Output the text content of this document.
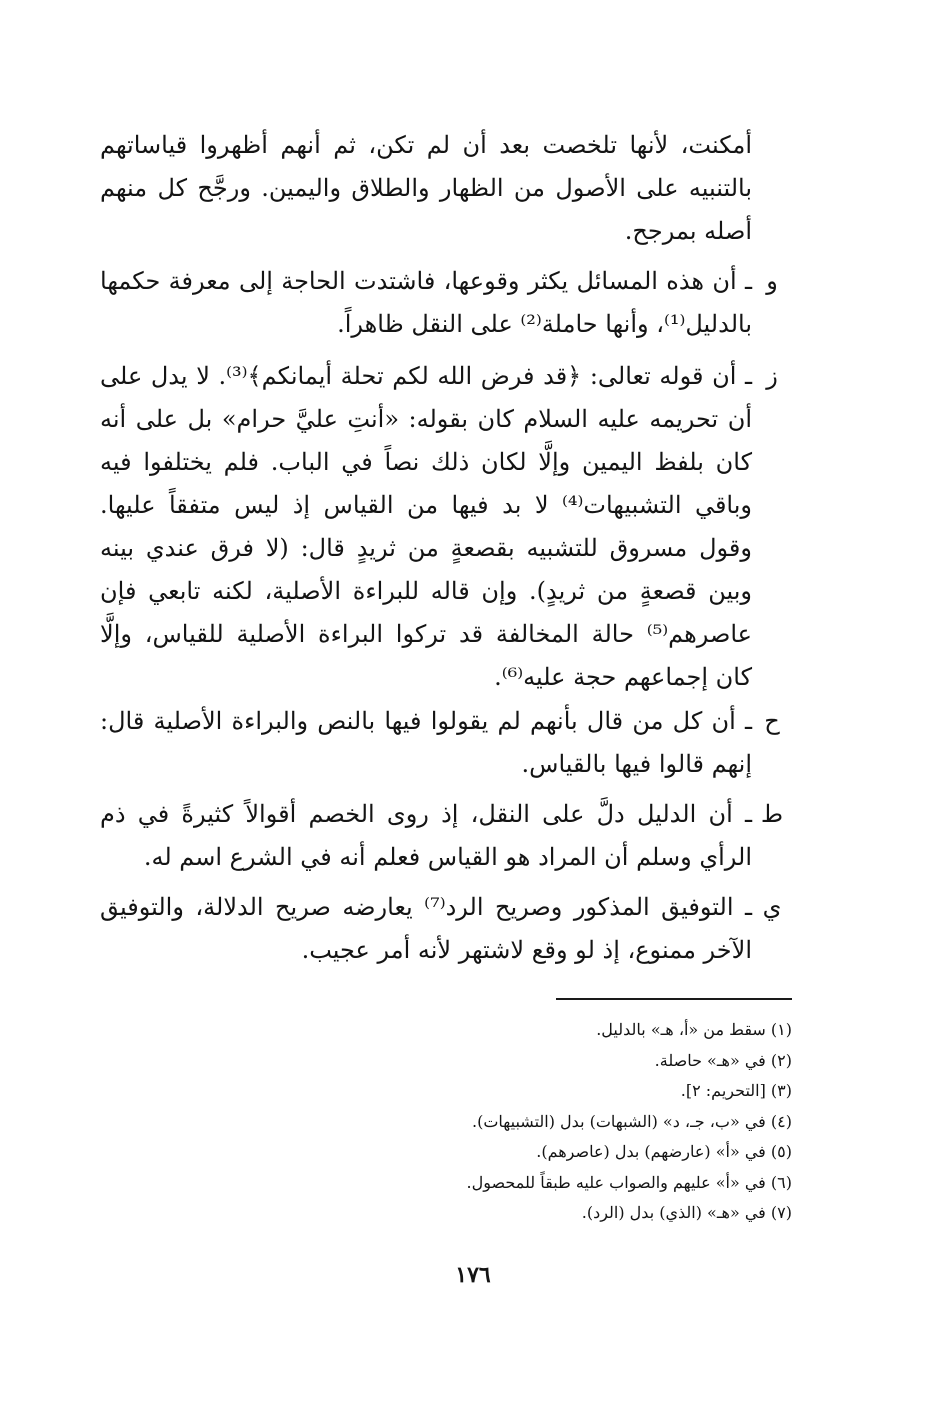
أمكنت، لأنها تلخصت بعد أن لم تكن، ثم أنهم أظهروا قياساتهم بالتنبيه على الأصول من الظهار والطلاق واليمين. ورجَّح كل منهم أصله بمرجح.
و
ـ أن هذه المسائل يكثر وقوعها، فاشتدت الحاجة إلى معرفة حكمها بالدليل⁽¹⁾، وأنها حاملة⁽²⁾ على النقل ظاهراً.
ز
ـ أن قوله تعالى: ﴿قد فرض الله لكم تحلة أيمانكم﴾⁽³⁾. لا يدل على أن تحريمه عليه السلام كان بقوله: «أنتِ عليَّ حرام» بل على أنه كان بلفظ اليمين وإلَّا لكان ذلك نصاً في الباب. فلم يختلفوا فيه وباقي التشبيهات⁽⁴⁾ لا بد فيها من القياس إذ ليس متفقاً عليها. وقول مسروق للتشبيه بقصعةٍ من ثريدٍ قال: (لا فرق عندي بينه وبين قصعةٍ من ثريدٍ). وإن قاله للبراءة الأصلية، لكنه تابعي فإن عاصرهم⁽⁵⁾ حالة المخالفة قد تركوا البراءة الأصلية للقياس، وإلَّا كان إجماعهم حجة عليه⁽⁶⁾.
ح
ـ أن كل من قال بأنهم لم يقولوا فيها بالنص والبراءة الأصلية قال: إنهم قالوا فيها بالقياس.
ط
ـ أن الدليل دلَّ على النقل، إذ روى الخصم أقوالاً كثيرةً في ذم الرأي وسلم أن المراد هو القياس فعلم أنه في الشرع اسم له.
ي
ـ التوفيق المذكور وصريح الرد⁽⁷⁾ يعارضه صريح الدلالة، والتوفيق الآخر ممنوع، إذ لو وقع لاشتهر لأنه أمر عجيب.
(١) سقط من «أ، هـ» بالدليل.
(٢) في «هـ» حاصلة.
(٣) [التحريم: ٢].
(٤) في «ب، جـ، د» (الشبهات) بدل (التشبيهات).
(٥) في «أ» (عارضهم) بدل (عاصرهم).
(٦) في «أ» عليهم والصواب عليه طبقاً للمحصول.
(٧) في «هـ» (الذي) بدل (الرد).
١٧٦
